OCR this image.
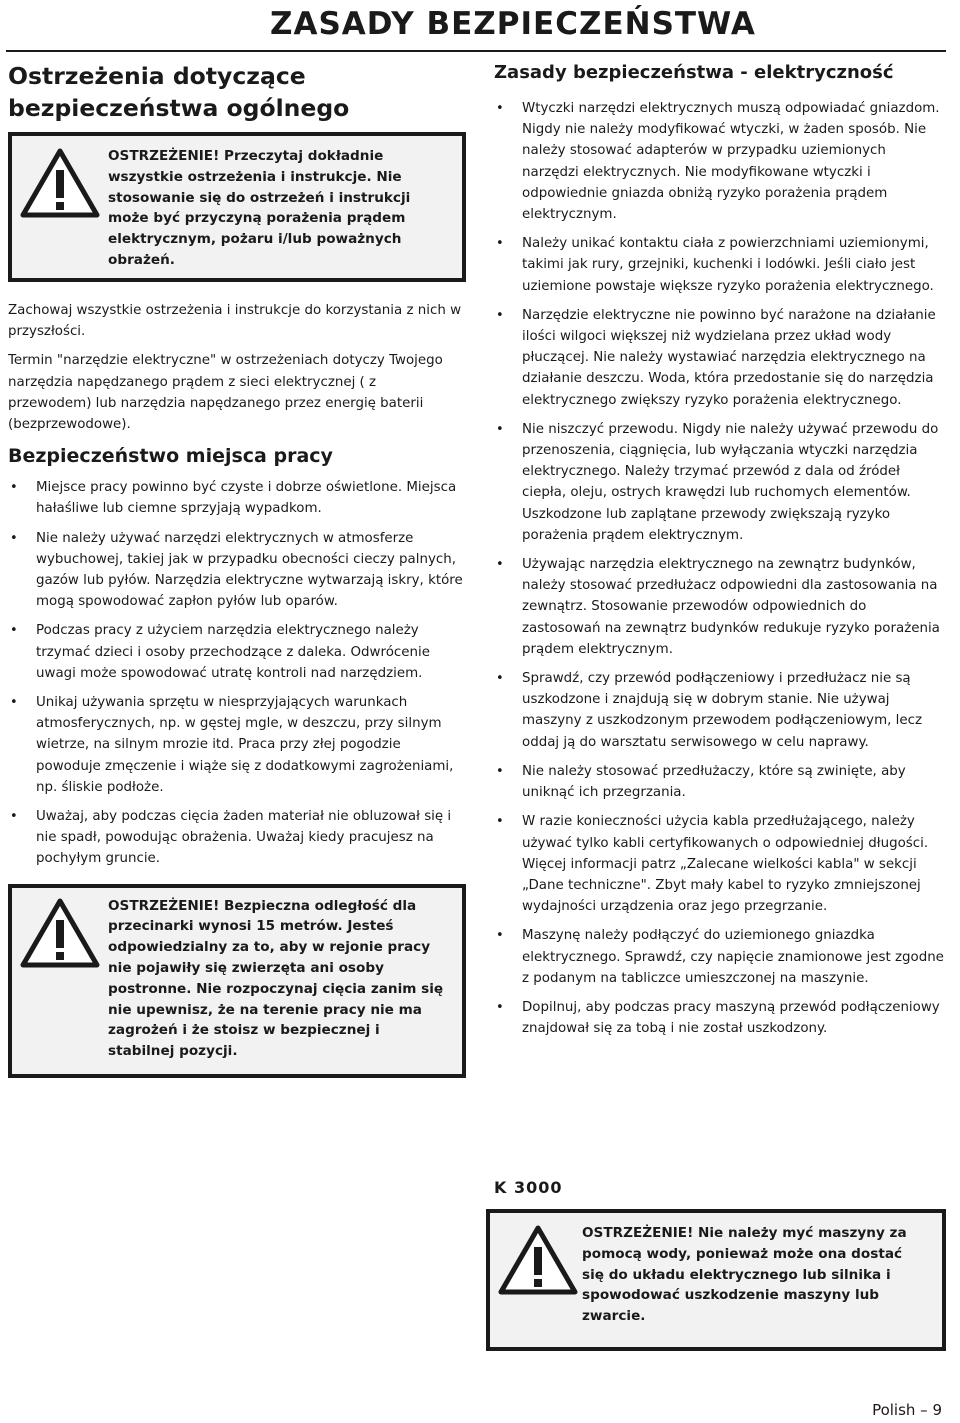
ZASADY BEZPIECZEŃSTWA
Ostrzeżenia dotyczące bezpieczeństwa ogólnego
OSTRZEŻENIE! Przeczytaj dokładnie wszystkie ostrzeżenia i instrukcje. Nie stosowanie się do ostrzeżeń i instrukcji może być przyczyną porażenia prądem elektrycznym, pożaru i/lub poważnych obrażeń.

Zachowaj wszystkie ostrzeżenia i instrukcje do korzystania z nich w przyszłości.

Termin "narzędzie elektryczne" w ostrzeżeniach dotyczy Twojego narzędzia napędzanego prądem z sieci elektrycznej ( z przewodem) lub narzędzia napędzanego przez energię baterii (bezprzewodowe).

Bezpieczeństwo miejsca pracy
• Miejsce pracy powinno być czyste i dobrze oświetlone. Miejsca hałaśliwe lub ciemne sprzyjają wypadkom.
• Nie należy używać narzędzi elektrycznych w atmosferze wybuchowej, takiej jak w przypadku obecności cieczy palnych, gazów lub pyłów. Narzędzia elektryczne wytwarzają iskry, które mogą spowodować zapłon pyłów lub oparów.
• Podczas pracy z użyciem narzędzia elektrycznego należy trzymać dzieci i osoby przechodzące z daleka. Odwrócenie uwagi może spowodować utratę kontroli nad narzędziem.
• Unikaj używania sprzętu w niesprzyjających warunkach atmosferycznych, np. w gęstej mgle, w deszczu, przy silnym wietrze, na silnym mrozie itd. Praca przy złej pogodzie powoduje zmęczenie i wiąże się z dodatkowymi zagrożeniami, np. śliskie podłoże.
• Uważaj, aby podczas cięcia żaden materiał nie obluzował się i nie spadł, powodując obrażenia. Uważaj kiedy pracujesz na pochyłym gruncie.
OSTRZEŻENIE! Bezpieczna odległość dla przecinarki wynosi 15 metrów. Jesteś odpowiedzialny za to, aby w rejonie pracy nie pojawiły się zwierzęta ani osoby postronne. Nie rozpoczynaj cięcia zanim się nie upewnisz, że na terenie pracy nie ma zagrożeń i że stoisz w bezpiecznej i stabilnej pozycji.
Zasady bezpieczeństwa - elektryczność
• Wtyczki narzędzi elektrycznych muszą odpowiadać gniazdom. Nigdy nie należy modyfikować wtyczki, w żaden sposób. Nie należy stosować adapterów w przypadku uziemionych narzędzi elektrycznych. Nie modyfikowane wtyczki i odpowiednie gniazda obniżą ryzyko porażenia prądem elektrycznym.
• Należy unikać kontaktu ciała z powierzchniami uziemionymi, takimi jak rury, grzejniki, kuchenki i lodówki. Jeśli ciało jest uziemione powstaje większe ryzyko porażenia elektrycznego.
• Narzędzie elektryczne nie powinno być narażone na działanie ilości wilgoci większej niż wydzielana przez układ wody płuczącej. Nie należy wystawiać narzędzia elektrycznego na działanie deszczu. Woda, która przedostanie się do narzędzia elektrycznego zwiększy ryzyko porażenia elektrycznego.
• Nie niszczyć przewodu. Nigdy nie należy używać przewodu do przenoszenia, ciągnięcia, lub wyłączania wtyczki narzędzia elektrycznego. Należy trzymać przewód z dala od źródeł ciepła, oleju, ostrych krawędzi lub ruchomych elementów. Uszkodzone lub zaplątane przewody zwiększają ryzyko porażenia prądem elektrycznym.
• Używając narzędzia elektrycznego na zewnątrz budynków, należy stosować przedłużacz odpowiedni dla zastosowania na zewnątrz. Stosowanie przewodów odpowiednich do zastosowań na zewnątrz budynków redukuje ryzyko porażenia prądem elektrycznym.
• Sprawdź, czy przewód podłączeniowy i przedłużacz nie są uszkodzone i znajdują się w dobrym stanie. Nie używaj maszyny z uszkodzonym przewodem podłączeniowym, lecz oddaj ją do warsztatu serwisowego w celu naprawy.
• Nie należy stosować przedłużaczy, które są zwinięte, aby uniknąć ich przegrzania.
• W razie konieczności użycia kabla przedłużającego, należy używać tylko kabli certyfikowanych o odpowiedniej długości. Więcej informacji patrz „Zalecane wielkości kabla" w sekcji „Dane techniczne". Zbyt mały kabel to ryzyko zmniejszonej wydajności urządzenia oraz jego przegrzanie.
• Maszynę należy podłączyć do uziemionego gniazdka elektrycznego. Sprawdź, czy napięcie znamionowe jest zgodne z podanym na tabliczce umieszczonej na maszynie.
• Dopilnuj, aby podczas pracy maszyną przewód podłączeniowy znajdował się za tobą i nie został uszkodzony.
K 3000
OSTRZEŻENIE! Nie należy myć maszyny za pomocą wody, ponieważ może ona dostać się do układu elektrycznego lub silnika i spowodować uszkodzenie maszyny lub zwarcie.
Polish – 9
